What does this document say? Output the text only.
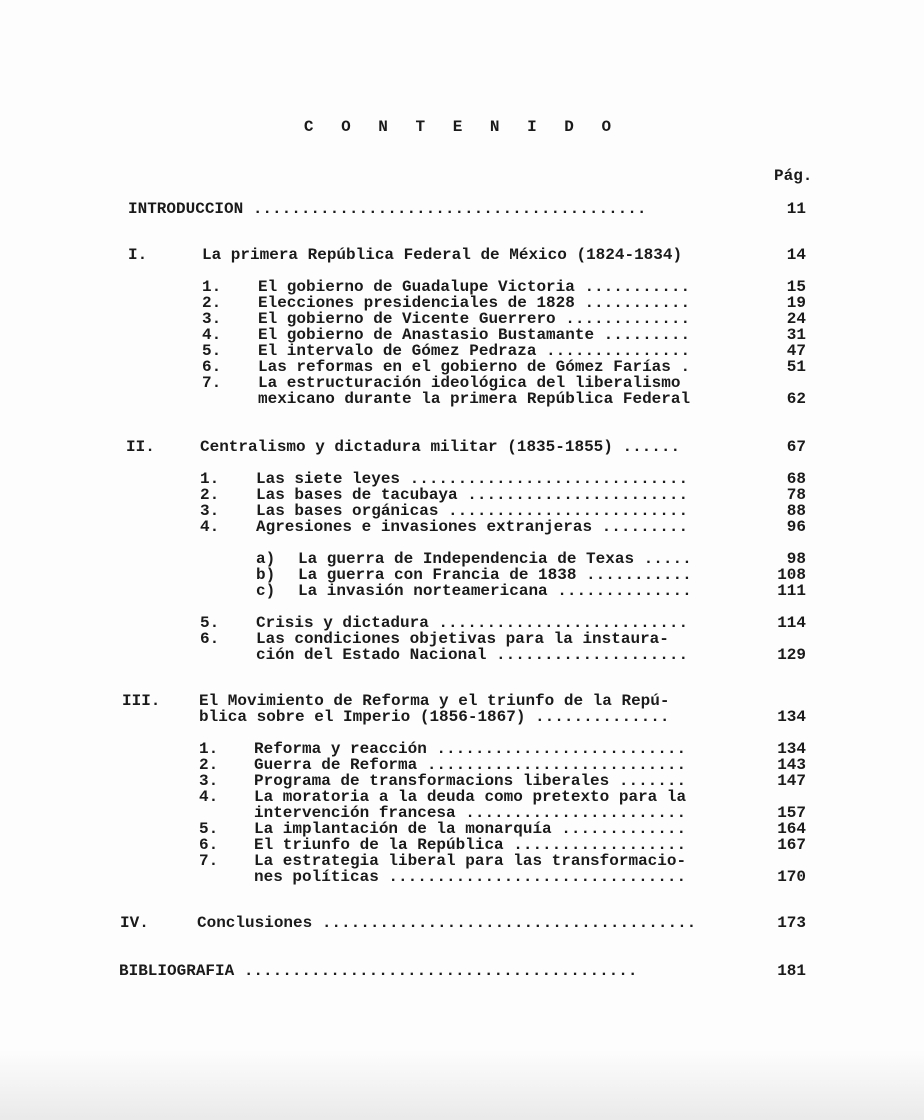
C O N T E N I D O
Pág.
INTRODUCCION .........................................	11
I.	La primera República Federal de México (1824-1834)	14
1. El gobierno de Guadalupe Victoria ...........	15
2. Elecciones presidenciales de 1828 ...........	19
3. El gobierno de Vicente Guerrero .............	24
4. El gobierno de Anastasio Bustamante .........	31
5. El intervalo de Gómez Pedraza ...............	47
6. Las reformas en el gobierno de Gómez Farías .	51
7. La estructuración ideológica del liberalismo
mexicano durante la primera República Federal	62
II.	Centralismo y dictadura militar (1835-1855) ......	67
1. Las siete leyes .............................	68
2. Las bases de tacubaya .......................	78
3. Las bases orgánicas .........................	88
4. Agresiones e invasiones extranjeras .........	96
a) La guerra de Independencia de Texas .....	98
b) La guerra con Francia de 1838 ...........	108
c) La invasión norteamericana ..............	111
5. Crisis y dictadura ..........................	114
6. Las condiciones objetivas para la instaura-
ción del Estado Nacional ....................	129
III. El Movimiento de Reforma y el triunfo de la Repú-
blica sobre el Imperio (1856-1867) ..............	134
1. Reforma y reacción ..........................	134
2. Guerra de Reforma ...........................	143
3. Programa de transformacions liberales .......	147
4. La moratoria a la deuda como pretexto para la
intervención francesa .......................	157
5. La implantación de la monarquía .............	164
6. El triunfo de la República ..................	167
7. La estrategia liberal para las transformacio-
nes políticas ...............................	170
IV.	Conclusiones .......................................	173
BIBLIOGRAFIA .........................................	181
